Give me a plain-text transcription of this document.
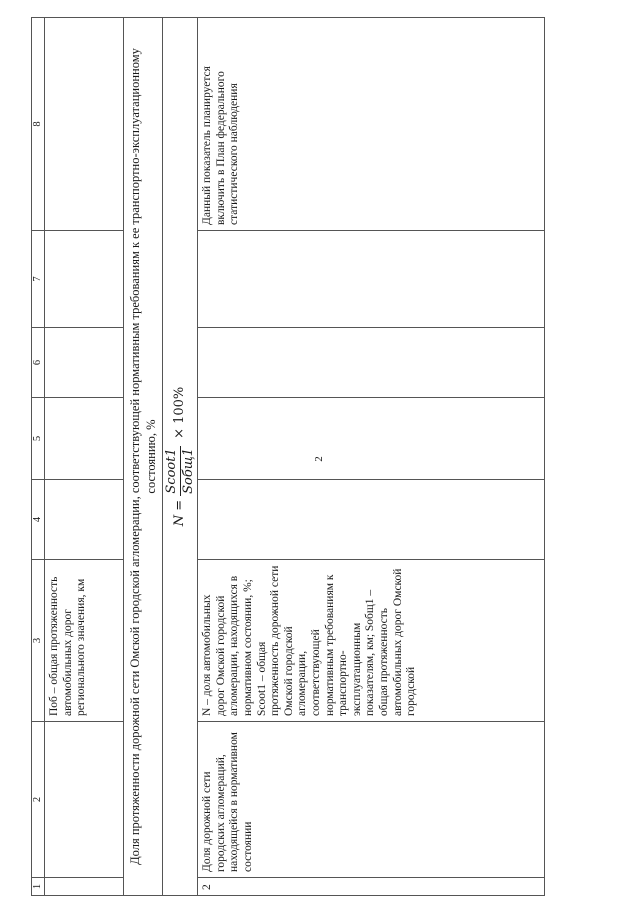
2
1	2	3	4	5	6	7	8
		Поб – общая протяженность автомобильных дорог регионального значения, км					
Доля протяженности дорожной сети Омской городской агломерации, соответствующей нормативным требованиям к ее транспортно-эксплуатационному состоянию, %							

N =
Scoot1 Sобщ1
× 100%							

2	Доля дорожной сети городских агломераций, находящейся в нормативном состоянии	N – доля автомобильных дорог Омской городской агломерации, находящихся в нормативном состоянии, %; Scoot1 – общая протяженность дорожной сети Омской городской агломерации, соответствующей нормативным требованиям к транспортно-эксплуатационным показателям, км; Sобщ1 – общая протяженность автомобильных дорог Омской городской					Данный показатель планируется включить в План федерального статистического наблюдения
